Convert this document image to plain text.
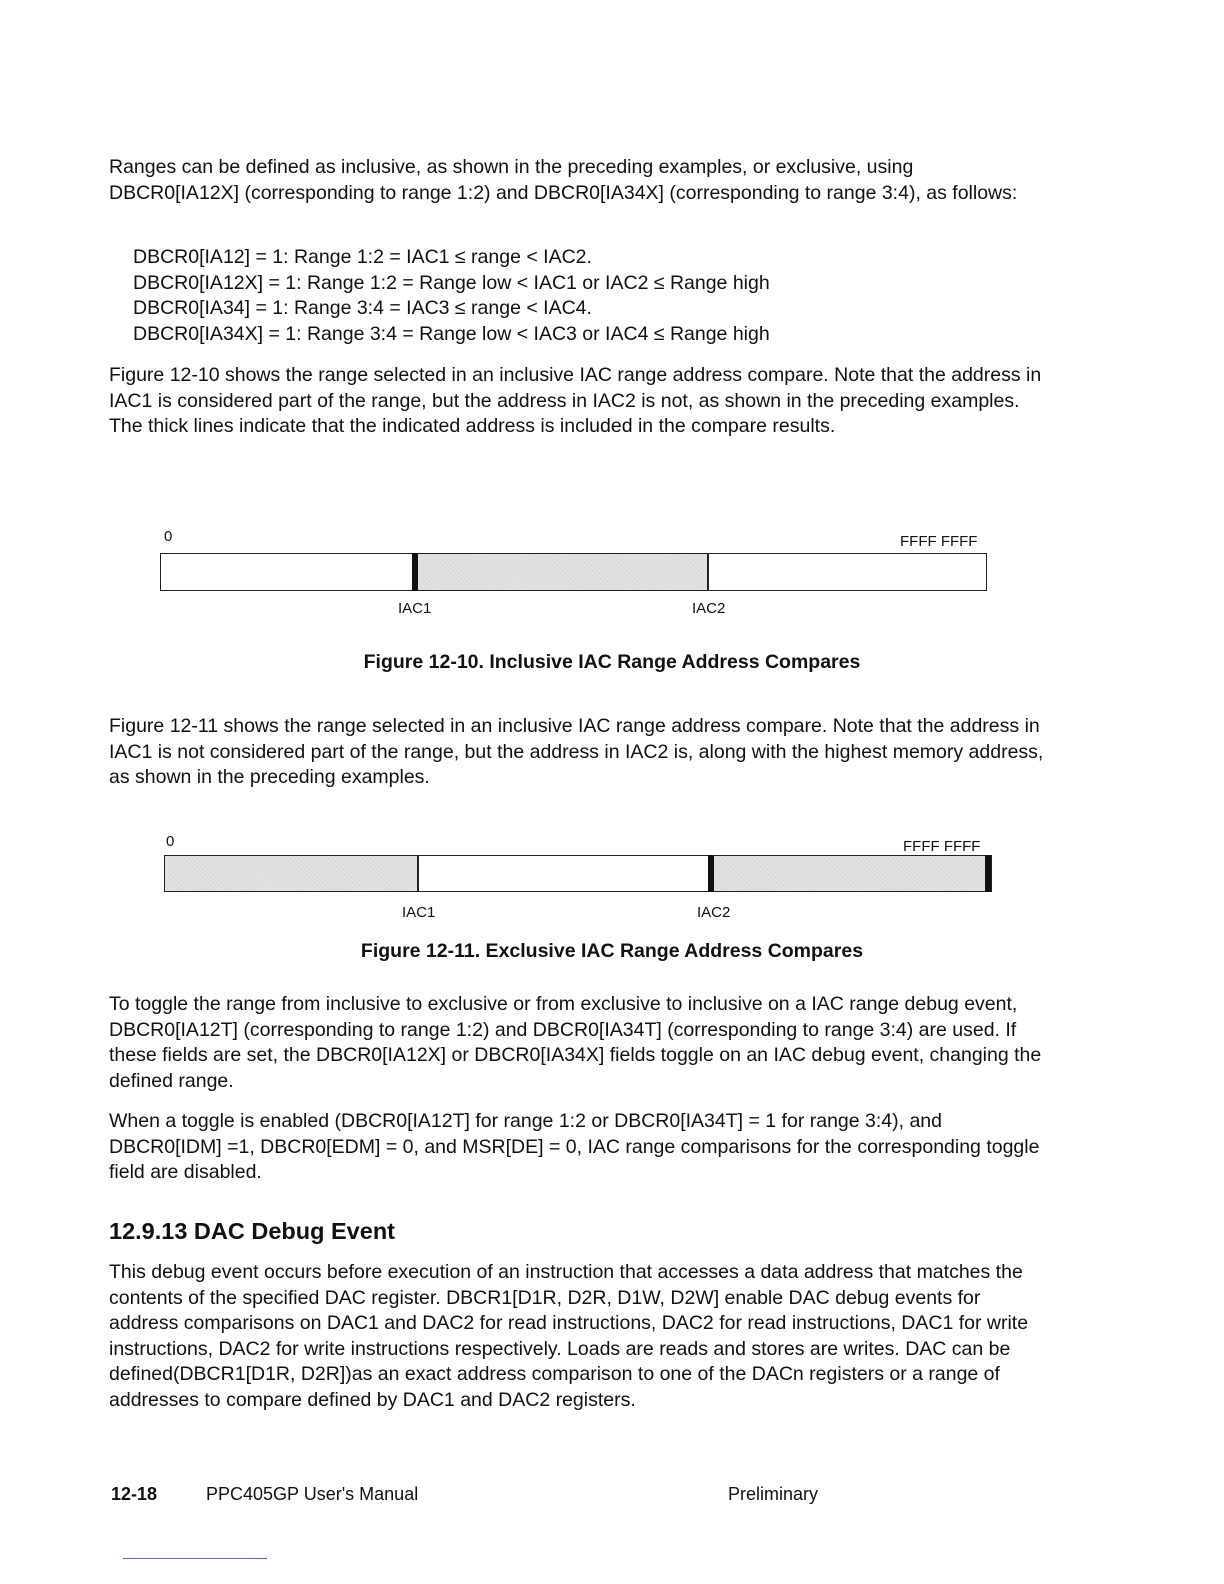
Ranges can be defined as inclusive, as shown in the preceding examples, or exclusive, using DBCR0[IA12X] (corresponding to range 1:2) and DBCR0[IA34X] (corresponding to range 3:4), as follows:

DBCR0[IA12] = 1: Range 1:2 = IAC1 ≤ range < IAC2.

DBCR0[IA12X] = 1: Range 1:2 = Range low < IAC1 or IAC2 ≤ Range high

DBCR0[IA34] = 1: Range 3:4 = IAC3 ≤ range < IAC4.

DBCR0[IA34X] = 1: Range 3:4 = Range low < IAC3 or IAC4 ≤ Range high

Figure 12-10 shows the range selected in an inclusive IAC range address compare. Note that the address in IAC1 is considered part of the range, but the address in IAC2 is not, as shown in the preceding examples. The thick lines indicate that the indicated address is included in the compare results.

0	FFFF FFFF
IAC1	IAC2

Figure 12-10. Inclusive IAC Range Address Compares

Figure 12-11 shows the range selected in an inclusive IAC range address compare. Note that the address in IAC1 is not considered part of the range, but the address in IAC2 is, along with the highest memory address, as shown in the preceding examples.

0	FFFF FFFF
IAC1	IAC2

Figure 12-11. Exclusive IAC Range Address Compares

To toggle the range from inclusive to exclusive or from exclusive to inclusive on a IAC range debug event, DBCR0[IA12T] (corresponding to range 1:2) and DBCR0[IA34T] (corresponding to range 3:4) are used. If these fields are set, the DBCR0[IA12X] or DBCR0[IA34X] fields toggle on an IAC debug event, changing the defined range.

When a toggle is enabled (DBCR0[IA12T] for range 1:2 or DBCR0[IA34T] = 1 for range 3:4), and DBCR0[IDM] =1, DBCR0[EDM] = 0, and MSR[DE] = 0, IAC range comparisons for the corresponding toggle field are disabled.

12.9.13 DAC Debug Event

This debug event occurs before execution of an instruction that accesses a data address that matches the contents of the specified DAC register. DBCR1[D1R, D2R, D1W, D2W] enable DAC debug events for address comparisons on DAC1 and DAC2 for read instructions, DAC2 for read instructions, DAC1 for write instructions, DAC2 for write instructions respectively. Loads are reads and stores are writes. DAC can be defined(DBCR1[D1R, D2R])as an exact address comparison to one of the DACn registers or a range of addresses to compare defined by DAC1 and DAC2 registers.

12-18	PPC405GP User's Manual	Preliminary
